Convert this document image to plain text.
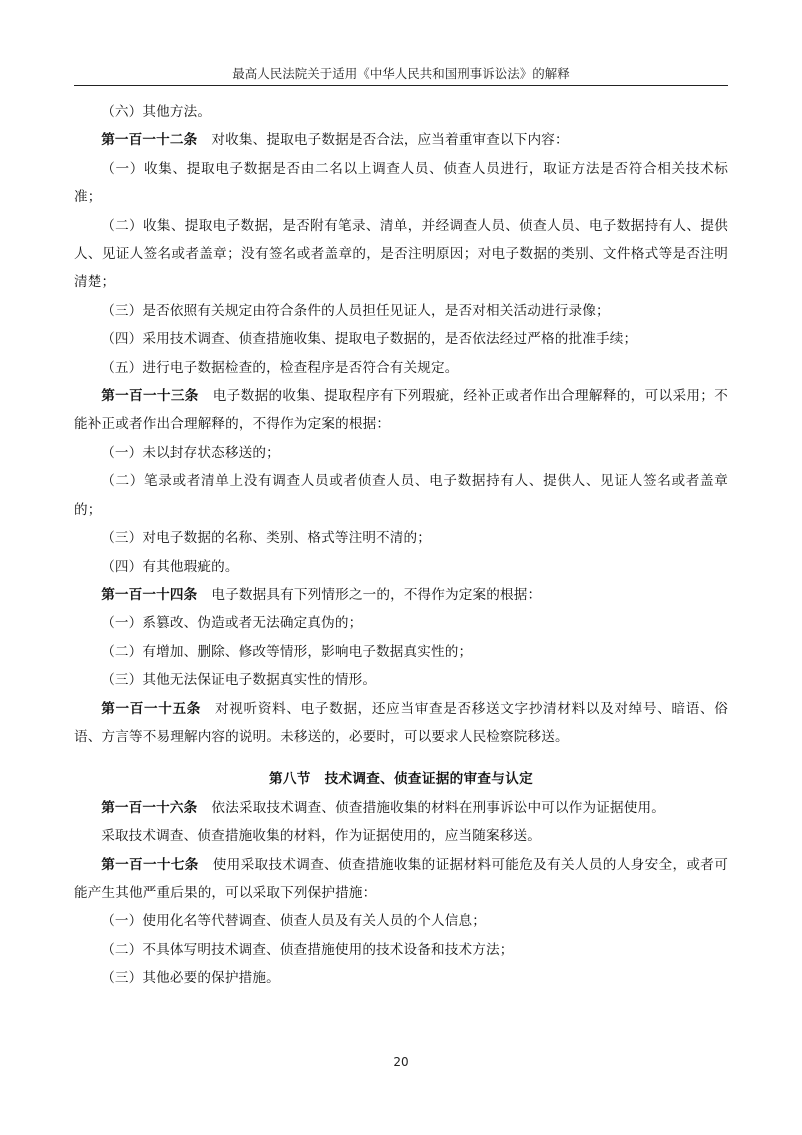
最高人民法院关于适用《中华人民共和国刑事诉讼法》的解释

（六）其他方法。

第一百一十二条 对收集、提取电子数据是否合法，应当着重审查以下内容：

（一）收集、提取电子数据是否由二名以上调查人员、侦查人员进行，取证方法是否符合相关技术标准；

（二）收集、提取电子数据，是否附有笔录、清单，并经调查人员、侦查人员、电子数据持有人、提供人、见证人签名或者盖章；没有签名或者盖章的，是否注明原因；对电子数据的类别、文件格式等是否注明清楚；

（三）是否依照有关规定由符合条件的人员担任见证人，是否对相关活动进行录像；

（四）采用技术调查、侦查措施收集、提取电子数据的，是否依法经过严格的批准手续；

（五）进行电子数据检查的，检查程序是否符合有关规定。

第一百一十三条 电子数据的收集、提取程序有下列瑕疵，经补正或者作出合理解释的，可以采用；不能补正或者作出合理解释的，不得作为定案的根据：

（一）未以封存状态移送的；

（二）笔录或者清单上没有调查人员或者侦查人员、电子数据持有人、提供人、见证人签名或者盖章的；

（三）对电子数据的名称、类别、格式等注明不清的；

（四）有其他瑕疵的。

第一百一十四条 电子数据具有下列情形之一的，不得作为定案的根据：

（一）系篡改、伪造或者无法确定真伪的；

（二）有增加、删除、修改等情形，影响电子数据真实性的；

（三）其他无法保证电子数据真实性的情形。

第一百一十五条 对视听资料、电子数据，还应当审查是否移送文字抄清材料以及对绰号、暗语、俗语、方言等不易理解内容的说明。未移送的，必要时，可以要求人民检察院移送。

第八节　技术调查、侦查证据的审查与认定

第一百一十六条 依法采取技术调查、侦查措施收集的材料在刑事诉讼中可以作为证据使用。

采取技术调查、侦查措施收集的材料，作为证据使用的，应当随案移送。

第一百一十七条 使用采取技术调查、侦查措施收集的证据材料可能危及有关人员的人身安全，或者可能产生其他严重后果的，可以采取下列保护措施：

（一）使用化名等代替调查、侦查人员及有关人员的个人信息；

（二）不具体写明技术调查、侦查措施使用的技术设备和技术方法；

（三）其他必要的保护措施。

20
